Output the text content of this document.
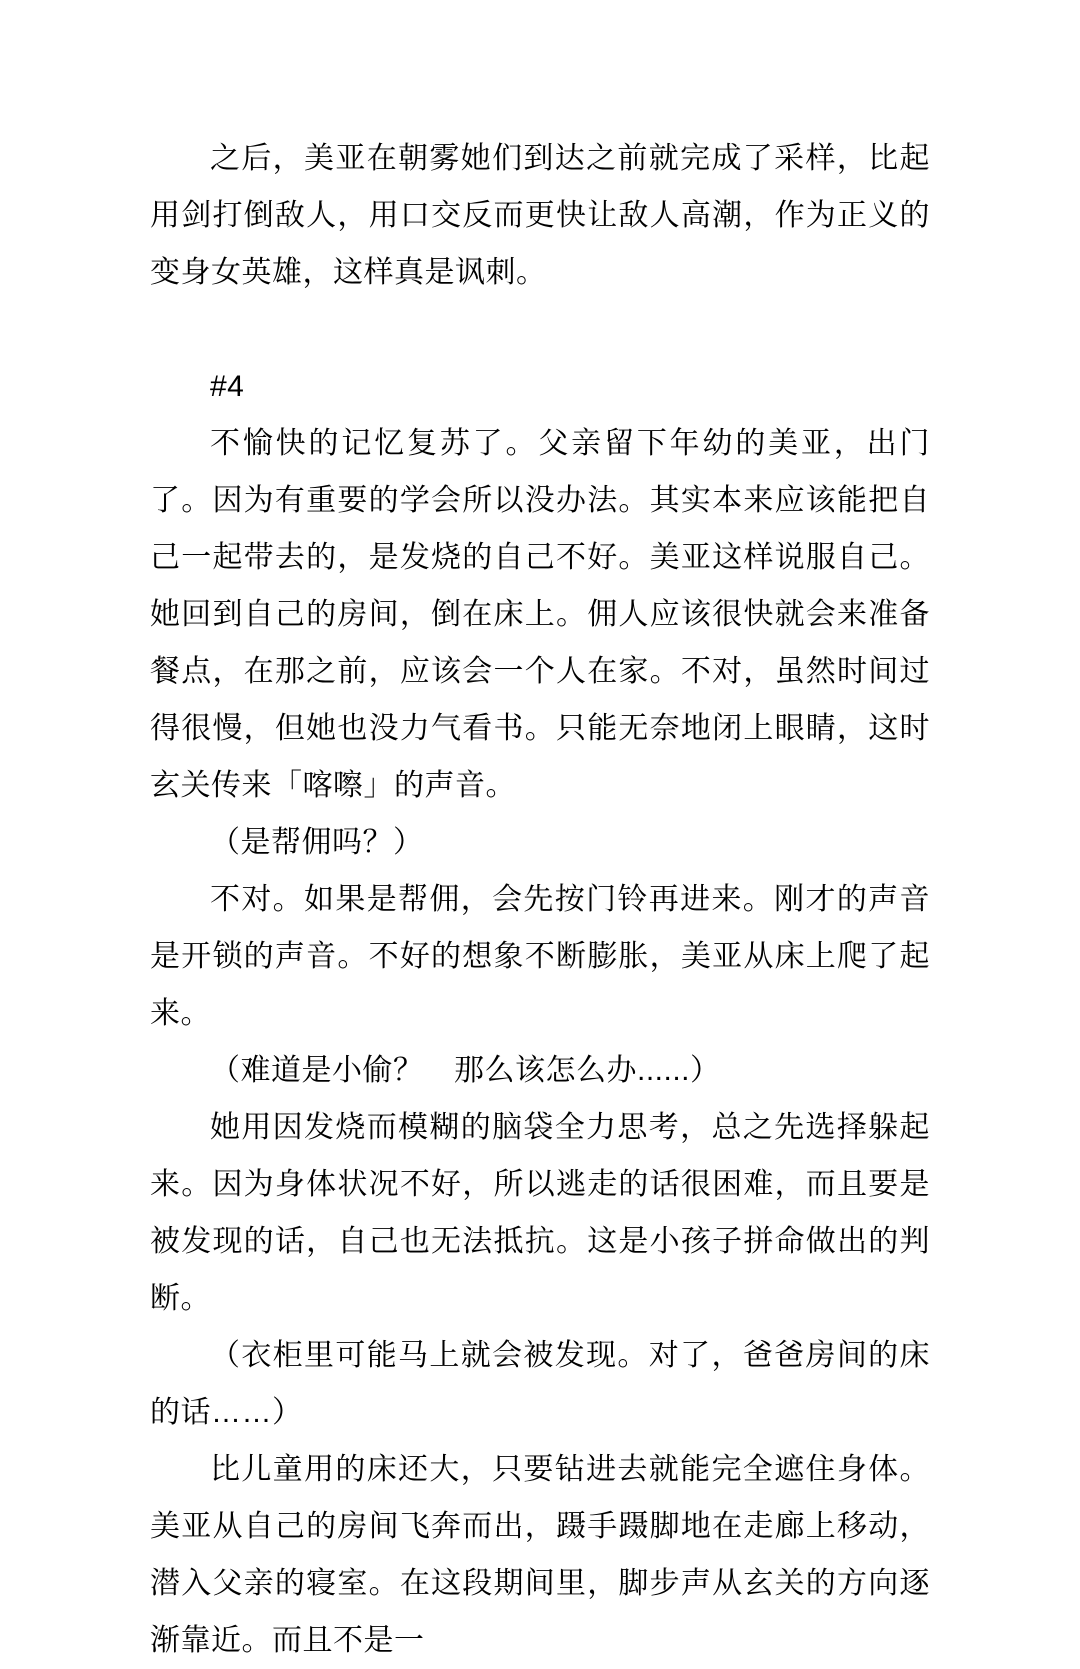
之后，美亚在朝雾她们到达之前就完成了采样，比起用剑打倒敌人，用口交反而更快让敌人高潮，作为正义的变身女英雄，这样真是讽刺。

#4

不愉快的记忆复苏了。父亲留下年幼的美亚，出门了。因为有重要的学会所以没办法。其实本来应该能把自己一起带去的，是发烧的自己不好。美亚这样说服自己。她回到自己的房间，倒在床上。佣人应该很快就会来准备餐点，在那之前，应该会一个人在家。不对，虽然时间过得很慢，但她也没力气看书。只能无奈地闭上眼睛，这时玄关传来「喀嚓」的声音。

（是帮佣吗？）

不对。如果是帮佣，会先按门铃再进来。刚才的声音是开锁的声音。不好的想象不断膨胀，美亚从床上爬了起来。

（难道是小偷？　那么该怎么办......）

她用因发烧而模糊的脑袋全力思考，总之先选择躲起来。因为身体状况不好，所以逃走的话很困难，而且要是被发现的话，自己也无法抵抗。这是小孩子拼命做出的判断。

（衣柜里可能马上就会被发现。对了，爸爸房间的床的话……）

比儿童用的床还大，只要钻进去就能完全遮住身体。美亚从自己的房间飞奔而出，蹑手蹑脚地在走廊上移动，潜入父亲的寝室。在这段期间里，脚步声从玄关的方向逐渐靠近。而且不是一
